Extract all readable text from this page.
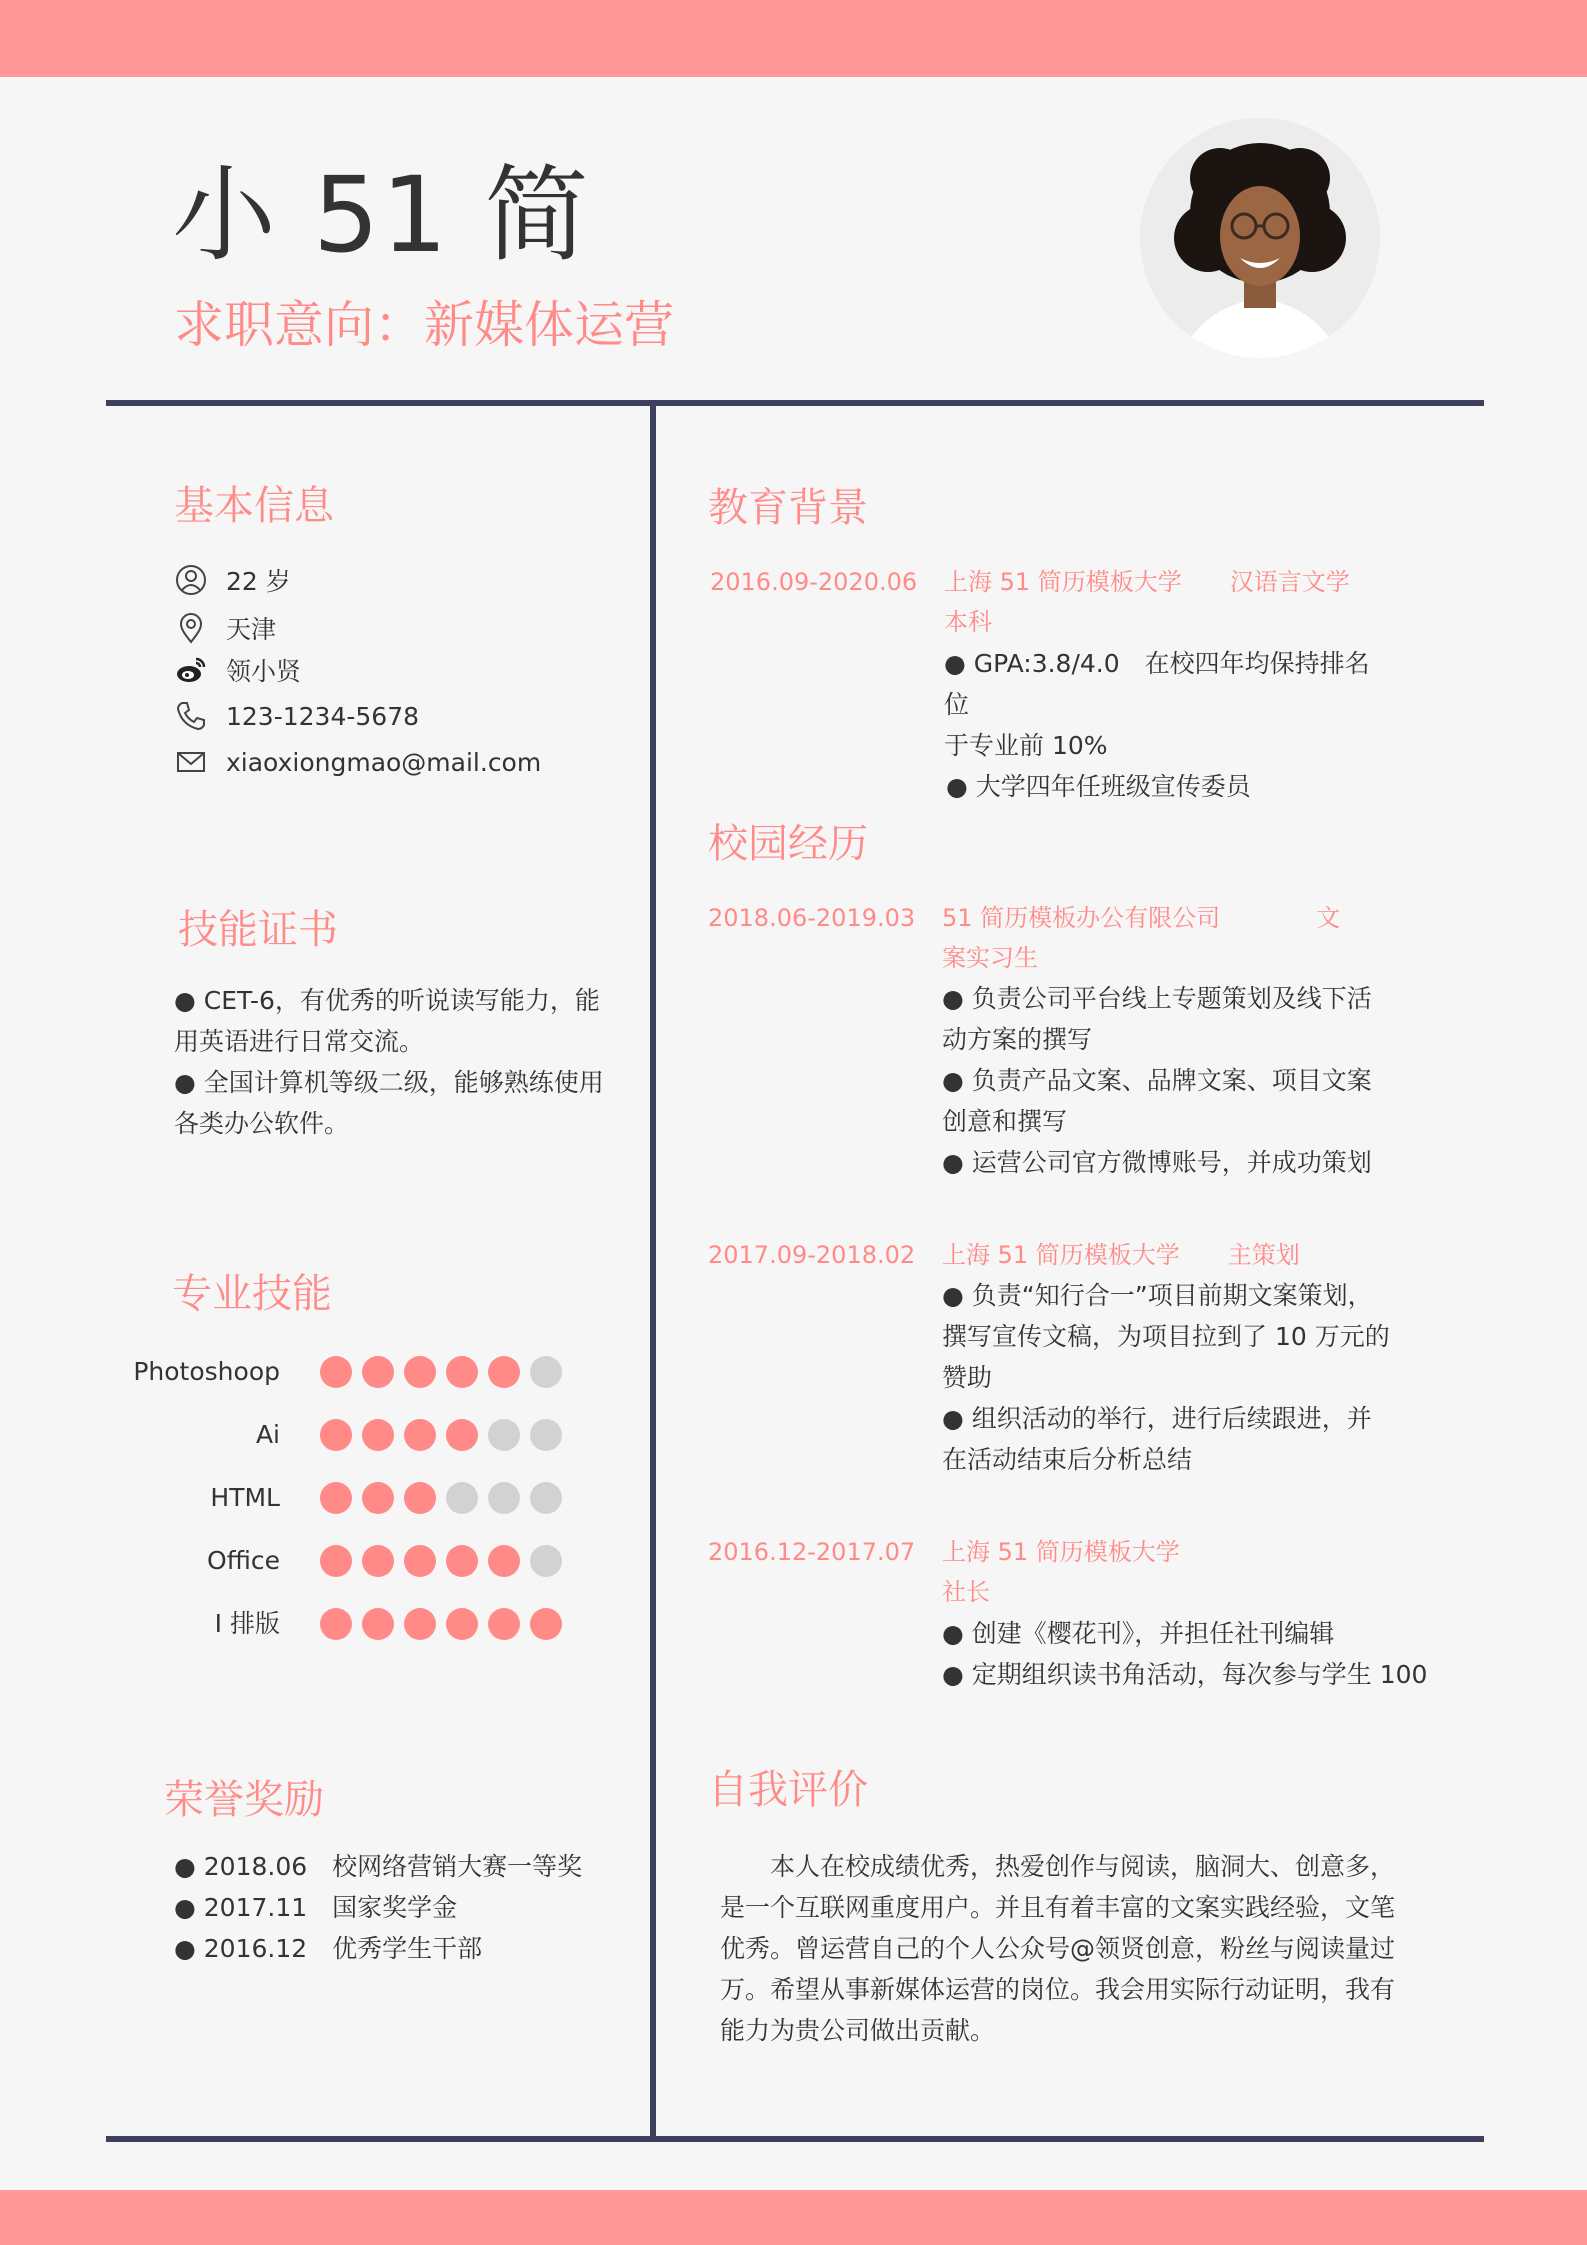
小 51 简
求职意向：新媒体运营
基本信息
22 岁
天津
领小贤
123-1234-5678
xiaoxiongmao@mail.com
技能证书
● CET-6，有优秀的听说读写能力，能
用英语进行日常交流。
● 全国计算机等级二级，能够熟练使用
各类办公软件。
专业技能
Photoshoop
Ai
HTML
Office
I 排版
荣誉奖励
● 2018.06　校网络营销大赛一等奖
● 2017.11　国家奖学金
● 2016.12　优秀学生干部
教育背景
2016.09-2020.06 上海 51 简历模板大学　　汉语言文学
本科
● GPA:3.8/4.0　在校四年均保持排名位
于专业前 10%
● 大学四年任班级宣传委员
校园经历
2018.06-2019.03 51 简历模板办公有限公司　　　　文
案实习生
● 负责公司平台线上专题策划及线下活
动方案的撰写
● 负责产品文案、品牌文案、项目文案
创意和撰写
● 运营公司官方微博账号，并成功策划
2017.09-2018.02 上海 51 简历模板大学　　主策划
● 负责“知行合一”项目前期文案策划，
撰写宣传文稿，为项目拉到了 10 万元的
赞助
● 组织活动的举行，进行后续跟进，并
在活动结束后分析总结
2016.12-2017.07 上海 51 简历模板大学
社长
● 创建《樱花刊》，并担任社刊编辑
● 定期组织读书角活动，每次参与学生 100
自我评价
本人在校成绩优秀，热爱创作与阅读，脑洞大、创意多，
是一个互联网重度用户。并且有着丰富的文案实践经验，文笔
优秀。曾运营自己的个人公众号@领贤创意，粉丝与阅读量过
万。希望从事新媒体运营的岗位。我会用实际行动证明，我有
能力为贵公司做出贡献。
